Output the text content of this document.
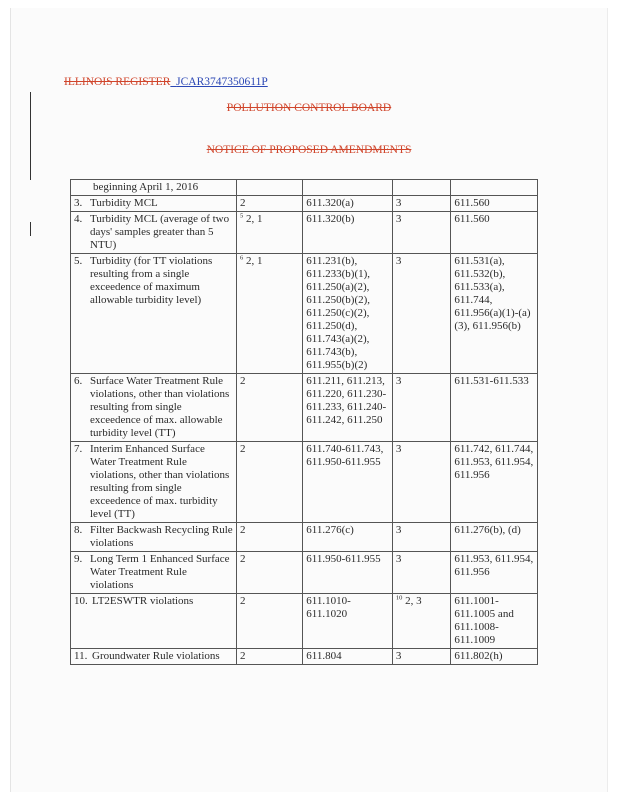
ILLINOIS REGISTER JCAR3747350611P
POLLUTION CONTROL BOARD
NOTICE OF PROPOSED AMENDMENTS
beginning April 1, 2016				

3. Turbidity MCL	2	611.320(a)	3	611.560

4. Turbidity MCL (average of two days' samples greater than 5 NTU)	$^5$ 2, 1	611.320(b)	3	611.560

5. Turbidity (for TT violations resulting from a single exceedence of maximum allowable turbidity level)	$^6$ 2, 1	611.231(b), 611.233(b)(1), 611.250(a)(2), 611.250(b)(2), 611.250(c)(2), 611.250(d), 611.743(a)(2), 611.743(b), 611.955(b)(2)	3	611.531(a), 611.532(b), 611.533(a), 611.744, 611.956(a)(1)-(a)(3), 611.956(b)

6. Surface Water Treatment Rule violations, other than violations resulting from single exceedence of max. allowable turbidity level (TT)	2	611.211, 611.213, 611.220, 611.230-611.233, 611.240-611.242, 611.250	3	611.531-611.533

7. Interim Enhanced Surface Water Treatment Rule violations, other than violations resulting from single exceedence of max. turbidity level (TT)	2	611.740-611.743, 611.950-611.955	3	611.742, 611.744, 611.953, 611.954, 611.956

8. Filter Backwash Recycling Rule violations	2	611.276(c)	3	611.276(b), (d)

9. Long Term 1 Enhanced Surface Water Treatment Rule violations	2	611.950-611.955	3	611.953, 611.954, 611.956

10. LT2ESWTR violations	2	611.1010-611.1020	$^{10}$ 2, 3	611.1001-611.1005 and 611.1008-611.1009

11. Groundwater Rule violations	2	611.804	3	611.802(h)
